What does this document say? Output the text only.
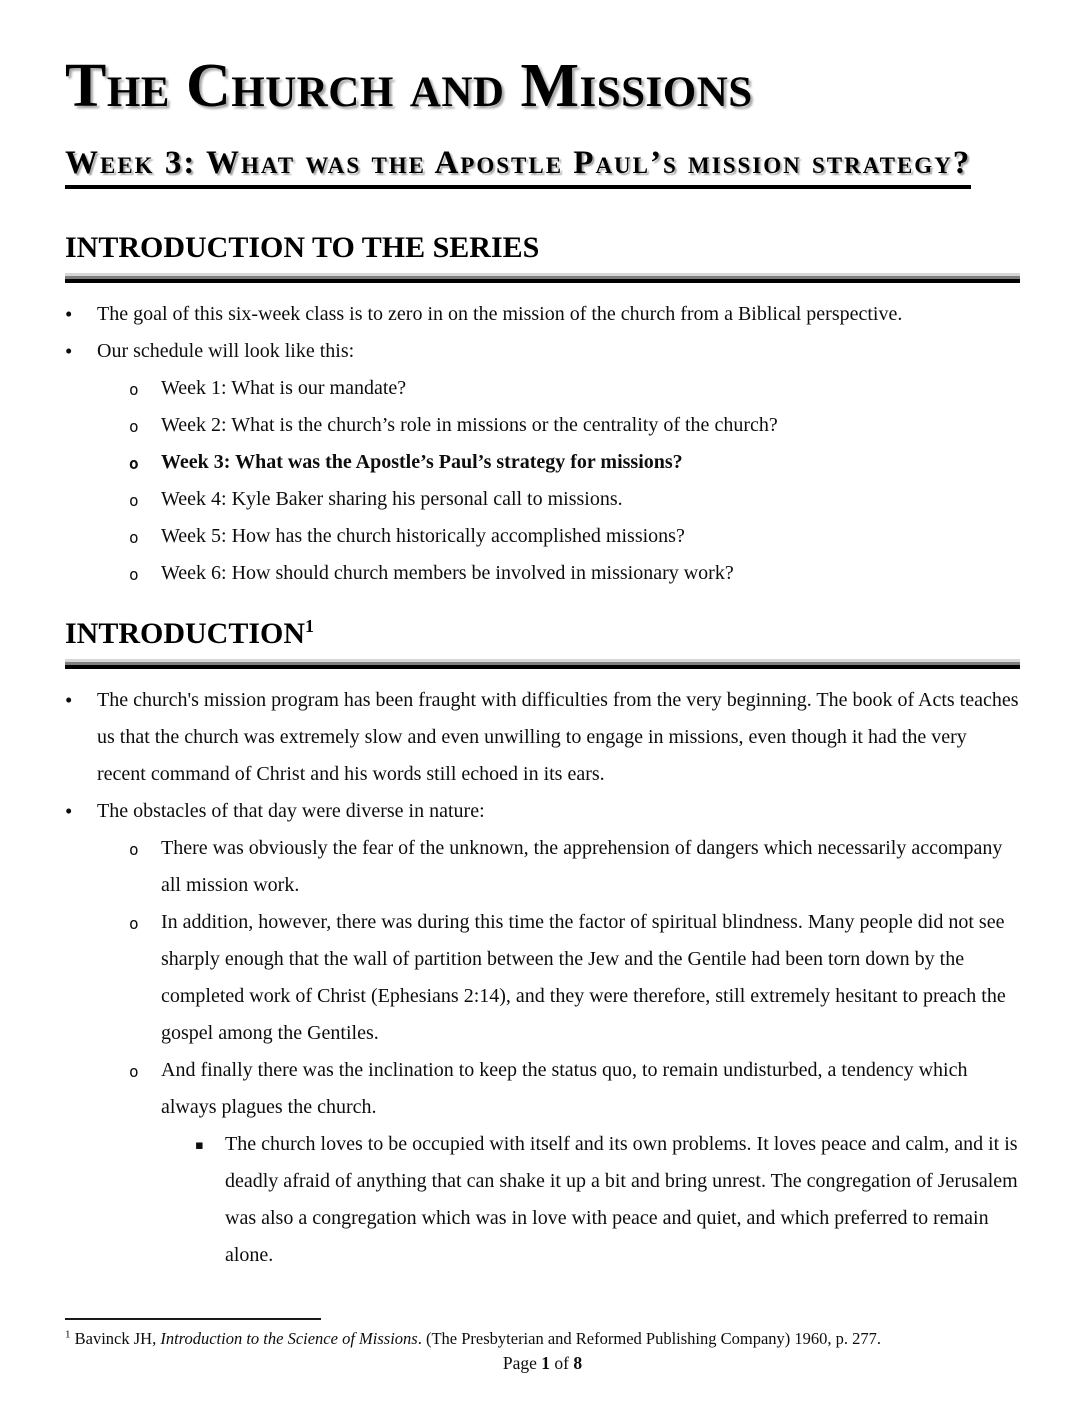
The Church and Missions
Week 3: What was the Apostle Paul’s mission strategy?
INTRODUCTION TO THE SERIES
• The goal of this six-week class is to zero in on the mission of the church from a Biblical perspective.
• Our schedule will look like this:
o Week 1: What is our mandate?
o Week 2: What is the church’s role in missions or the centrality of the church?
o Week 3: What was the Apostle’s Paul’s strategy for missions?
o Week 4: Kyle Baker sharing his personal call to missions.
o Week 5: How has the church historically accomplished missions?
o Week 6: How should church members be involved in missionary work?
INTRODUCTION$^1$
• The church's mission program has been fraught with difficulties from the very beginning. The book of Acts teaches us that the church was extremely slow and even unwilling to engage in missions, even though it had the very recent command of Christ and his words still echoed in its ears.
• The obstacles of that day were diverse in nature:
o There was obviously the fear of the unknown, the apprehension of dangers which necessarily accompany all mission work.
o In addition, however, there was during this time the factor of spiritual blindness. Many people did not see sharply enough that the wall of partition between the Jew and the Gentile had been torn down by the completed work of Christ (Ephesians 2:14), and they were therefore, still extremely hesitant to preach the gospel among the Gentiles.
o And finally there was the inclination to keep the status quo, to remain undisturbed, a tendency which always plagues the church.
▪ The church loves to be occupied with itself and its own problems. It loves peace and calm, and it is deadly afraid of anything that can shake it up a bit and bring unrest. The congregation of Jerusalem was also a congregation which was in love with peace and quiet, and which preferred to remain alone.
$^1$ Bavinck JH, Introduction to the Science of Missions. (The Presbyterian and Reformed Publishing Company) 1960, p. 277.
Page 1 of 8
